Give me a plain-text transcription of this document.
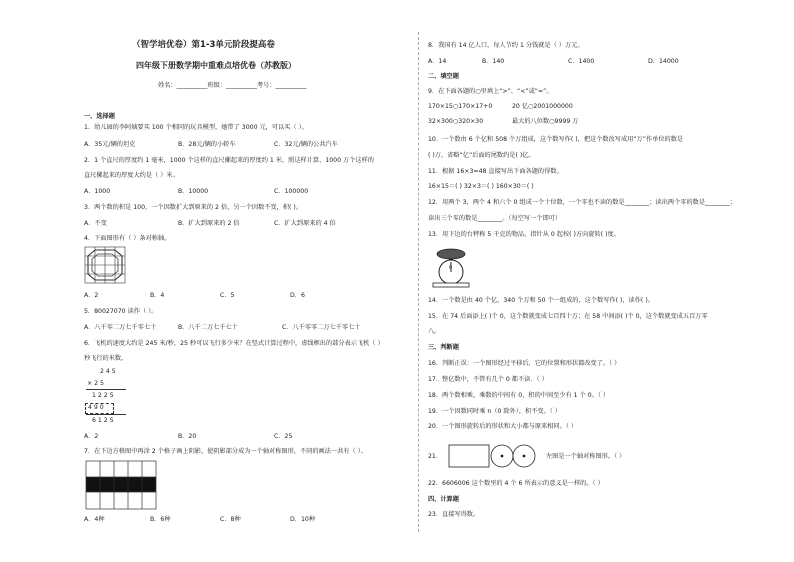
（智学培优卷）第1-3单元阶段提高卷
四年级下册数学期中重难点培优卷（苏教版）
姓名：__________班级：__________考号：__________
一、选择题
1．幼儿园的李阿姨要买 100 个相同的玩具模型，她带了 3000 元，可以买（ ）。
A．35元/辆的坦克	B．28元/辆的小轿车	C．32元/辆的公共汽车
2．1 个直尺的厚度约 1 毫米，1000 个这样的直尺摞起来的厚度约 1 米，照这样计算，1000 万个这样的
直尺摞起来的厚度大约是（ ）米。
A．1000	B．10000	C．100000
3．两个数的积是 100，一个因数扩大到原来的 2 倍，另一个因数不变，积( )。
A．不变	B．扩大到原来的 2 倍	C．扩大到原来的 4 倍
4．下面图形有（ ）条对称轴。
A．2	B．4	C．5	D．6
5．80027070 读作（ ）。
A．八千零二万七千零七十	B．八千二万七千七十	C．八千零零二万七千零七十
6．飞机的速度大约是 245 米/秒，25 秒可以飞行多少米？在竖式计算过程中，虚线框出的部分表示飞机（ ）
秒飞行的米数。
2 4 5
× 2 5
1 2 2 5
4 9 0
6 1 2 5
A．2	B．20	C．25
7．在下边方格图中再涂 2 个格子画上阴影，使阴影部分成为一个轴对称图形，不同的画法一共有（ ）。
A．4种	B．6种	C．8种	D．10种
8．我国有 14 亿人口，每人节约 1 分钱就是（ ）万元。
A．14	B．140	C．1400	D．14000
二、填空题
9．在下面各题的○里填上“>”、“<”或“=”。
170×15○170×17+0	20 亿○2001000000
32×300○320×30	最大的八位数○9999 万
10．一个数由 6 个亿和 508 个万组成，这个数写作( )，把这个数改写成用“万”作单位的数是
( )万，省略“亿”后面的尾数约是( )亿。
11．根据 16×3=48 直接写出下面各题的得数。
16×15＝( ) 32×3＝( ) 160×30＝( )
12．用两个 3，两个 4 和六个 0 组成一个十位数，一个零也不读的数是________；读出两个零的数是________；
读出三个零的数是________。（每空写一个即可）
13．用下边的台秤称 5 千克的物品，指针从 0 起按( )方向旋转( )度。
0
14．一个数是由 40 个亿，340 个万和 50 个一组成的，这个数写作( )，读作( )。
15．在 74 后面添上( )个 0，这个数就变成七百四十万；在 58 中间添( )个 0，这个数就变成五百万零
八。
三、判断题
16．判断正误：一个图形经过平移后，它的位置和形状都改变了。（ ）
17．整亿数中，不管有几个 0 都不读．（ ）
18．两个数相乘，乘数的中间有 0，积的中间至少有 1 个 0。（ ）
19．一个因数同时乘 n（0 除外），积不变。（ ）
20．一个图形旋转后的形状和大小都与原来相同。（ ）
21．	左图是一个轴对称图形。（ ）
22．6606006 这个数里的 4 个 6 所表示的意义是一样的。（ ）
四、计算题
23．直接写得数。
